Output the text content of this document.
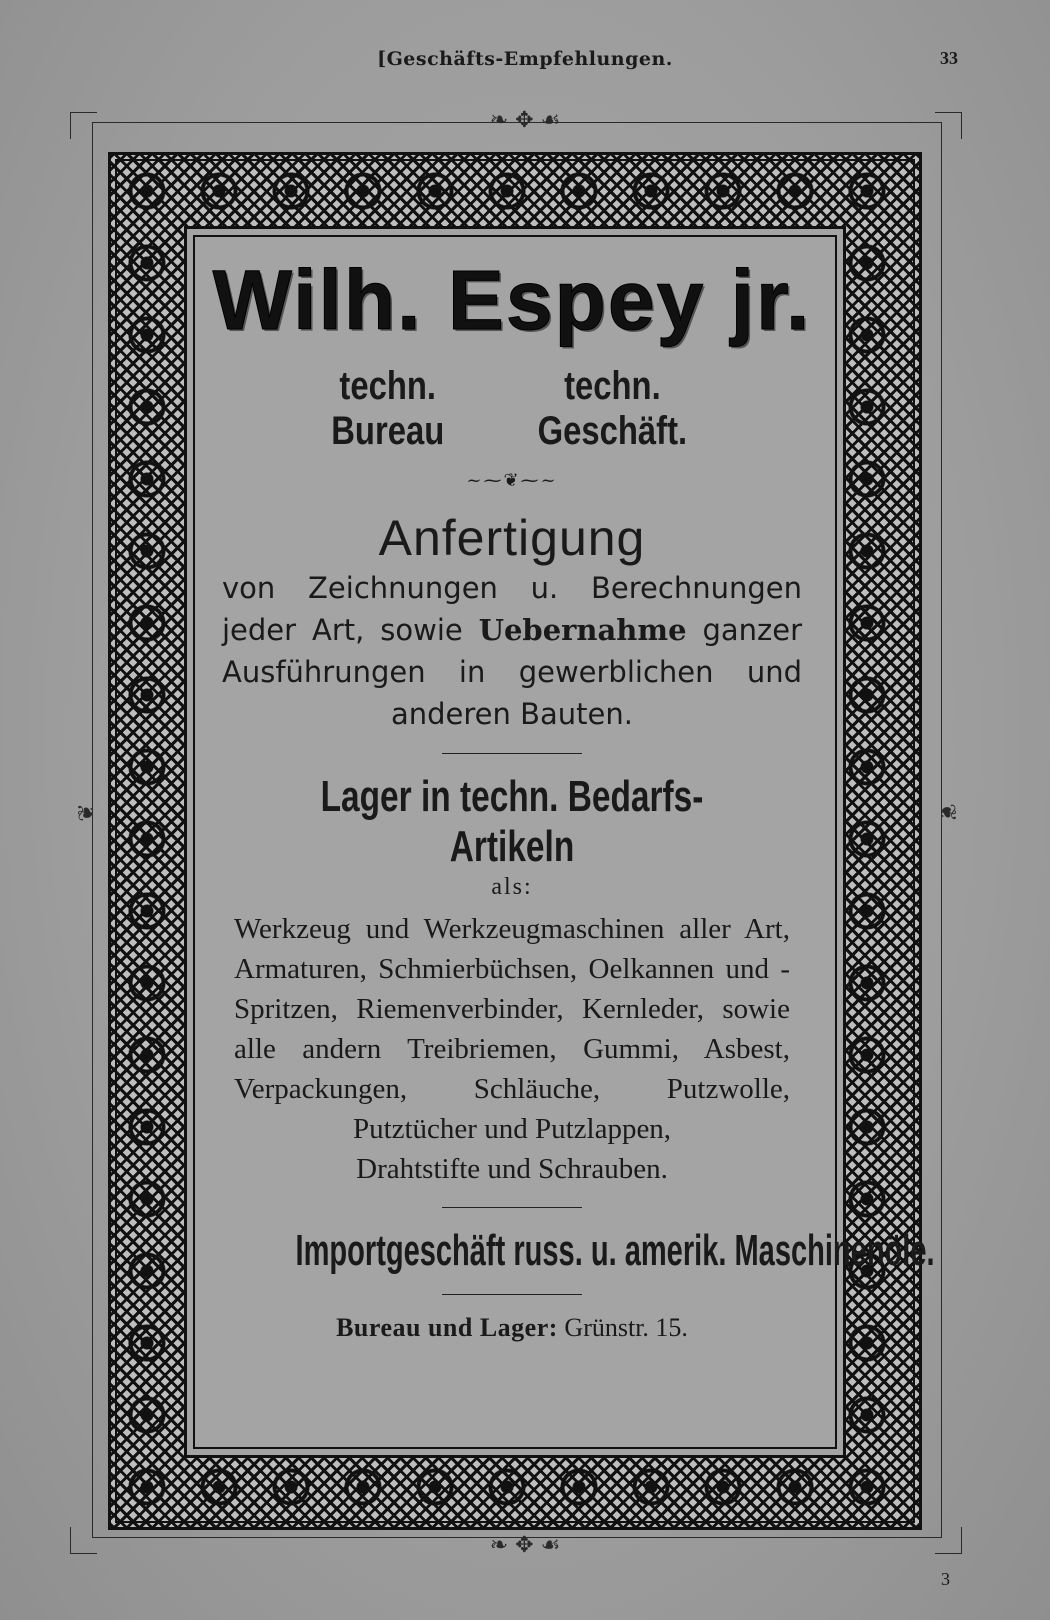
[Geschäfts-Empfehlungen.	33
❧ ✥ ☙
❧ ✥ ☙
❦	❦
Wilh. Espey jr.
techn. Bureau
techn. Geschäft.
~⁓❦⁓~
Anfertigung
von Zeichnungen u. Berechnungen jeder Art, sowie Uebernahme ganzer Ausführungen in gewerblichen und anderen Bauten.
Lager in techn. Bedarfs-Artikeln
als:
Werkzeug und Werkzeugmaschinen aller Art, Armaturen, Schmierbüchsen, Oelkannen und -Spritzen, Riemenverbinder, Kernleder, sowie alle andern Treibriemen, Gummi, Asbest, Verpackungen, Schläuche, Putzwolle, Putztücher und Putzlappen,
Drahtstifte und Schrauben.
Importgeschäft russ. u. amerik. Maschinenöle.
Bureau und Lager: Grünstr. 15.
3
